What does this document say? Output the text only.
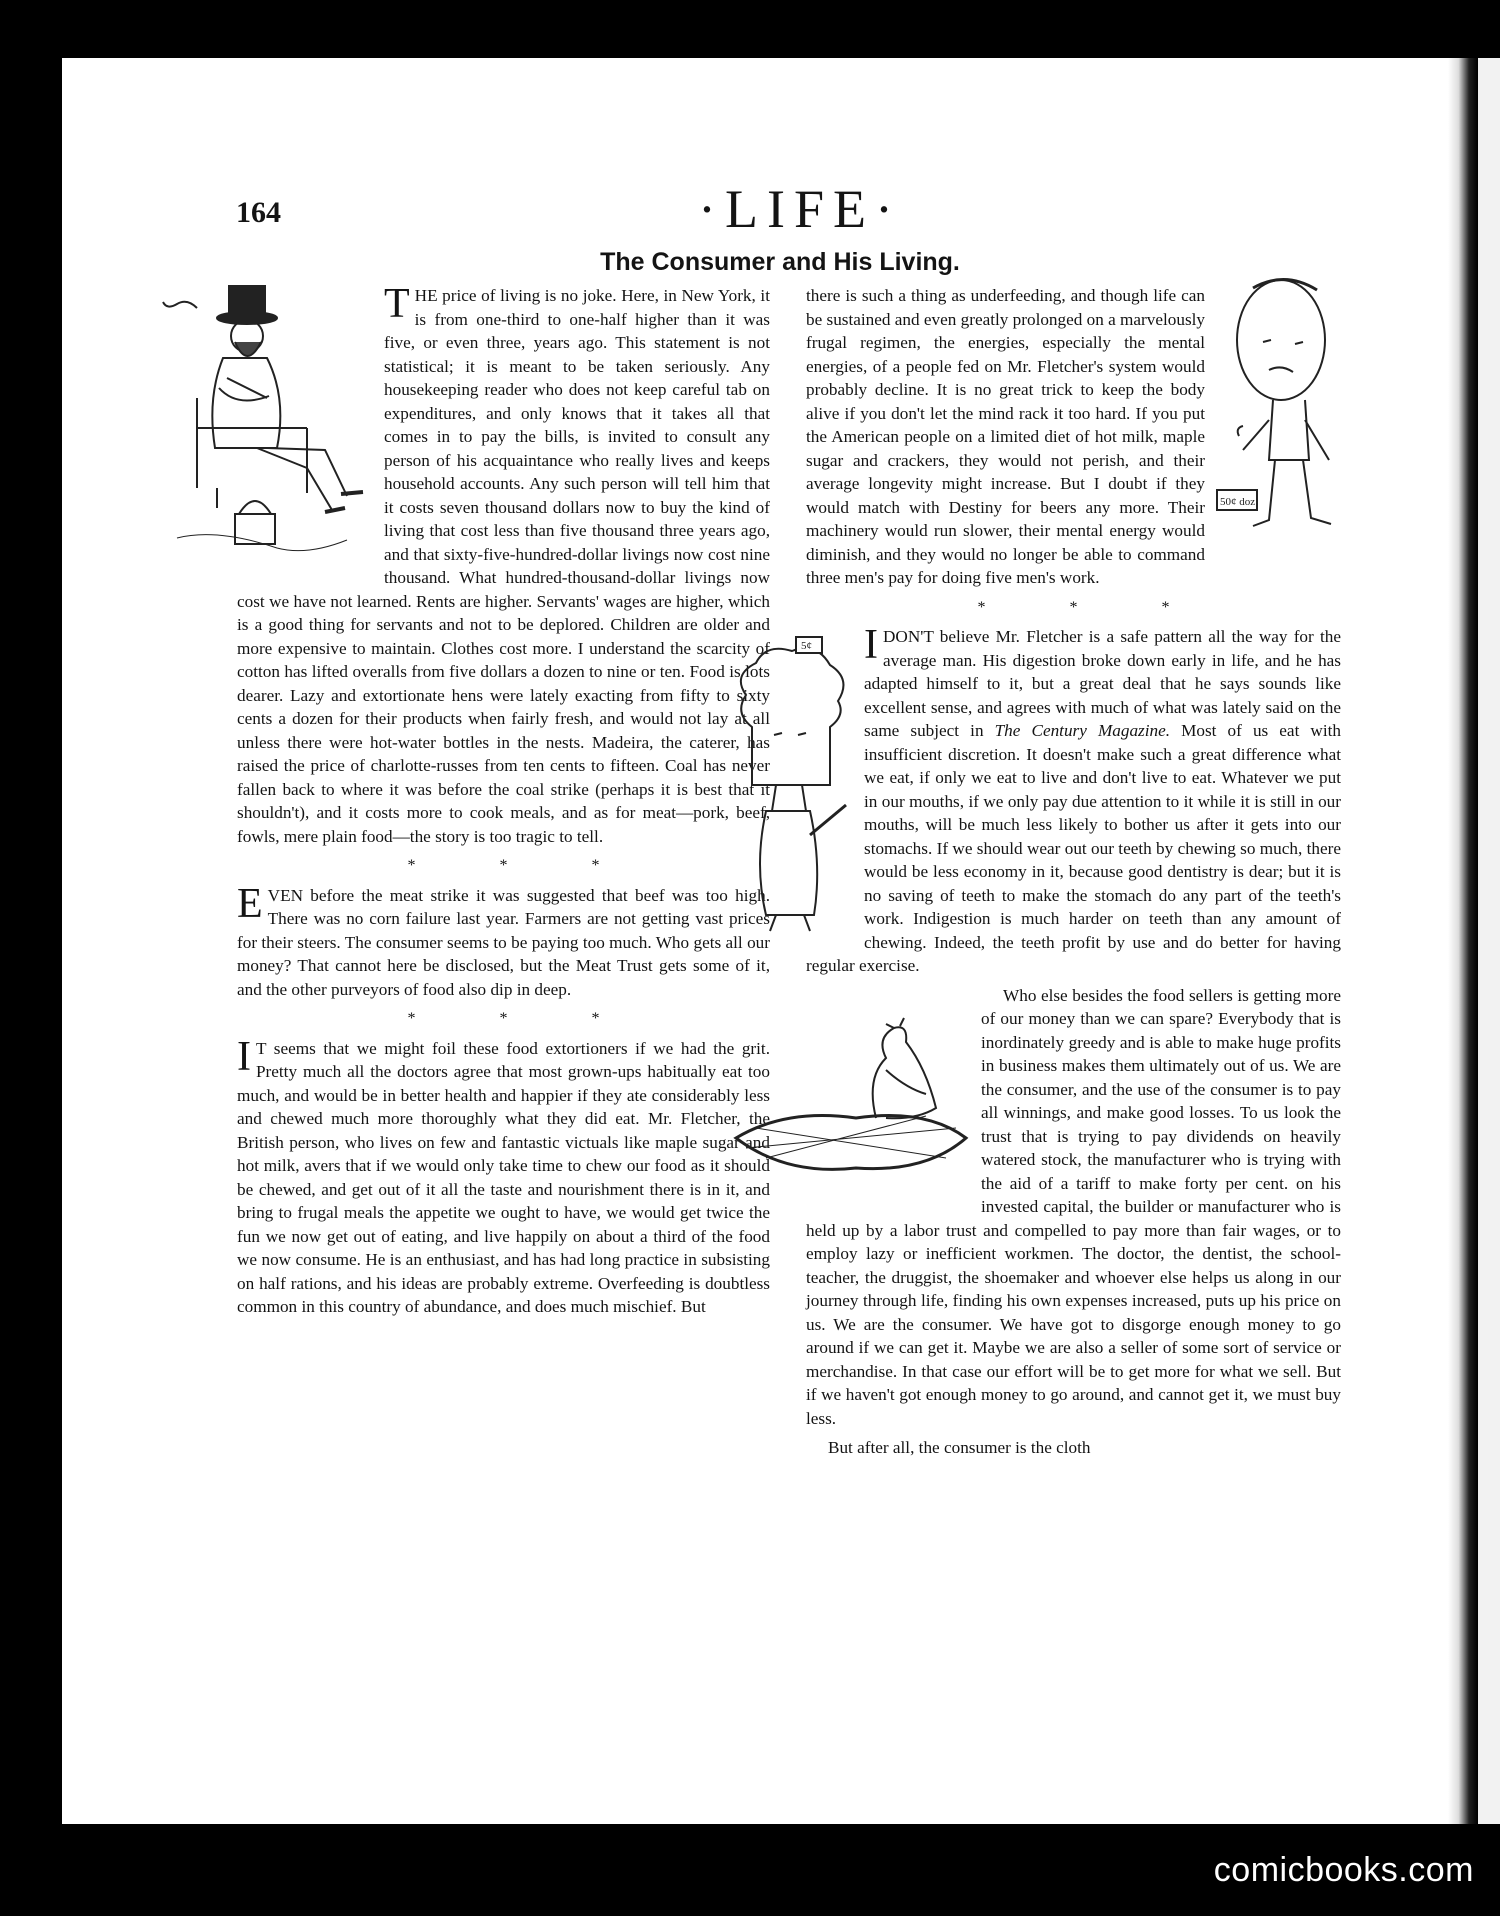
164	·LIFE·
The Consumer and His Living.

THE price of living is no joke. Here, in New York, it is from one-third to one-half higher than it was five, or even three, years ago. This statement is not statistical; it is meant to be taken seriously. Any housekeeping reader who does not keep careful tab on expenditures, and only knows that it takes all that comes in to pay the bills, is invited to consult any person of his acquaintance who really lives and keeps household accounts. Any such person will tell him that it costs seven thousand dollars now to buy the kind of living that cost less than five thousand three years ago, and that sixty-five-hundred-dollar livings now cost nine thousand. What hundred-thousand-dollar livings now cost we have not learned. Rents are higher. Servants' wages are higher, which is a good thing for servants and not to be deplored. Children are older and more expensive to maintain. Clothes cost more. I understand the scarcity of cotton has lifted overalls from five dollars a dozen to nine or ten. Food is lots dearer. Lazy and extortionate hens were lately exacting from fifty to sixty cents a dozen for their products when fairly fresh, and would not lay at all unless there were hot-water bottles in the nests. Madeira, the caterer, has raised the price of charlotte-russes from ten cents to fifteen. Coal has never fallen back to where it was before the coal strike (perhaps it is best that it shouldn't), and it costs more to cook meals, and as for meat—pork, beef, fowls, mere plain food—the story is too tragic to tell.

* * *

EVEN before the meat strike it was suggested that beef was too high. There was no corn failure last year. Farmers are not getting vast prices for their steers. The consumer seems to be paying too much. Who gets all our money? That cannot here be disclosed, but the Meat Trust gets some of it, and the other purveyors of food also dip in deep.

* * *

IT seems that we might foil these food extortioners if we had the grit. Pretty much all the doctors agree that most grown-ups habitually eat too much, and would be in better health and happier if they ate considerably less and chewed much more thoroughly what they did eat. Mr. Fletcher, the British person, who lives on few and fantastic victuals like maple sugar and hot milk, avers that if we would only take time to chew our food as it should be chewed, and get out of it all the taste and nourishment there is in it, and bring to frugal meals the appetite we ought to have, we would get twice the fun we now get out of eating, and live happily on about a third of the food we now consume. He is an enthusiast, and has had long practice in subsisting on half rations, and his ideas are probably extreme. Overfeeding is doubtless common in this country of abundance, and does much mischief. But

50¢ doz

there is such a thing as underfeeding, and though life can be sustained and even greatly prolonged on a marvelously frugal regimen, the energies, especially the mental energies, of a people fed on Mr. Fletcher's system would probably decline. It is no great trick to keep the body alive if you don't let the mind rack it too hard. If you put the American people on a limited diet of hot milk, maple sugar and crackers, they would not perish, and their average longevity might increase. But I doubt if they would match with Destiny for beers any more. Their machinery would run slower, their mental energy would diminish, and they would no longer be able to command three men's pay for doing five men's work.

* * *
5¢	I DON'T believe Mr. Fletcher is a safe pattern all the way for the average man. His digestion broke down early in life, and he has adapted himself to it, but a great deal that he says sounds like excellent sense, and agrees with much of what was lately said on the same subject in The Century Magazine. Most of us eat with insufficient discretion. It doesn't make such a great difference what we eat, if only we eat to live and don't live to eat. Whatever we put in our mouths, if we only pay due attention to it while it is still in our mouths, will be much less likely to bother us after it gets into our stomachs. If we should wear out our teeth by chewing so much, there would be less economy in it, because good dentistry is dear; but it is no saving of teeth to make the stomach do any part of the teeth's work. Indigestion is much harder on teeth than any amount of chewing. Indeed, the teeth profit by use and do better for having regular exercise.

Who else besides the food sellers is getting more of our money than we can spare? Everybody that is inordinately greedy and is able to make huge profits in business makes them ultimately out of us. We are the consumer, and the use of the consumer is to pay all winnings, and make good losses. To us look the trust that is trying to pay dividends on heavily watered stock, the manufacturer who is trying with the aid of a tariff to make forty per cent. on his invested capital, the builder or manufacturer who is held up by a labor trust and compelled to pay more than fair wages, or to employ lazy or inefficient workmen. The doctor, the dentist, the school-teacher, the druggist, the shoemaker and whoever else helps us along in our journey through life, finding his own expenses increased, puts up his price on us. We are the consumer. We have got to disgorge enough money to go around if we can get it. Maybe we are also a seller of some sort of service or merchandise. In that case our effort will be to get more for what we sell. But if we haven't got enough money to go around, and cannot get it, we must buy less.

But after all, the consumer is the cloth

comicbooks.com
